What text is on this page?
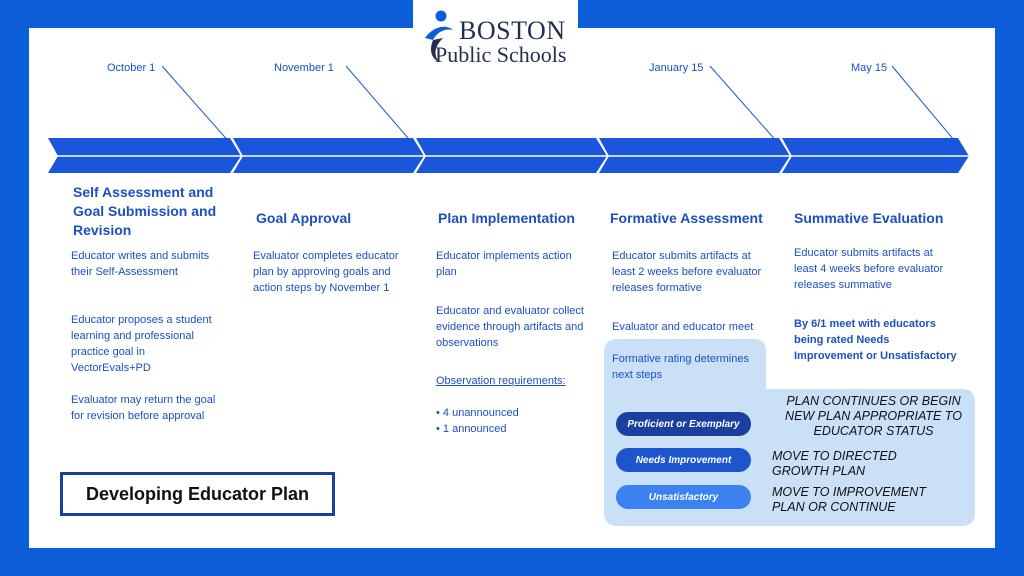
BOSTON
Public Schools
October 1	November 1	January 15	May 15
Self Assessment and Goal Submission and Revision
Educator writes and submits their Self-Assessment
Educator proposes a student learning and professional practice goal in VectorEvals+PD
Evaluator may return the goal for revision before approval
Goal Approval
Evaluator completes educator plan by approving goals and action steps by November 1
Plan Implementation
Educator implements action plan
Educator and evaluator collect evidence through artifacts and observations
Observation requirements:
• 4 unannounced
• 1 announced
Formative Assessment
Educator submits artifacts at least 2 weeks before evaluator releases formative
Evaluator and educator meet
Summative Evaluation
Educator submits artifacts at least 4 weeks before evaluator releases summative
By 6/1 meet with educators being rated Needs Improvement or Unsatisfactory
Formative rating determines next steps
Proficient or Exemplary
Needs Improvement
Unsatisfactory
PLAN CONTINUES OR BEGIN NEW PLAN APPROPRIATE TO EDUCATOR STATUS
MOVE TO DIRECTED GROWTH PLAN
MOVE TO IMPROVEMENT PLAN OR CONTINUE
Developing Educator Plan
